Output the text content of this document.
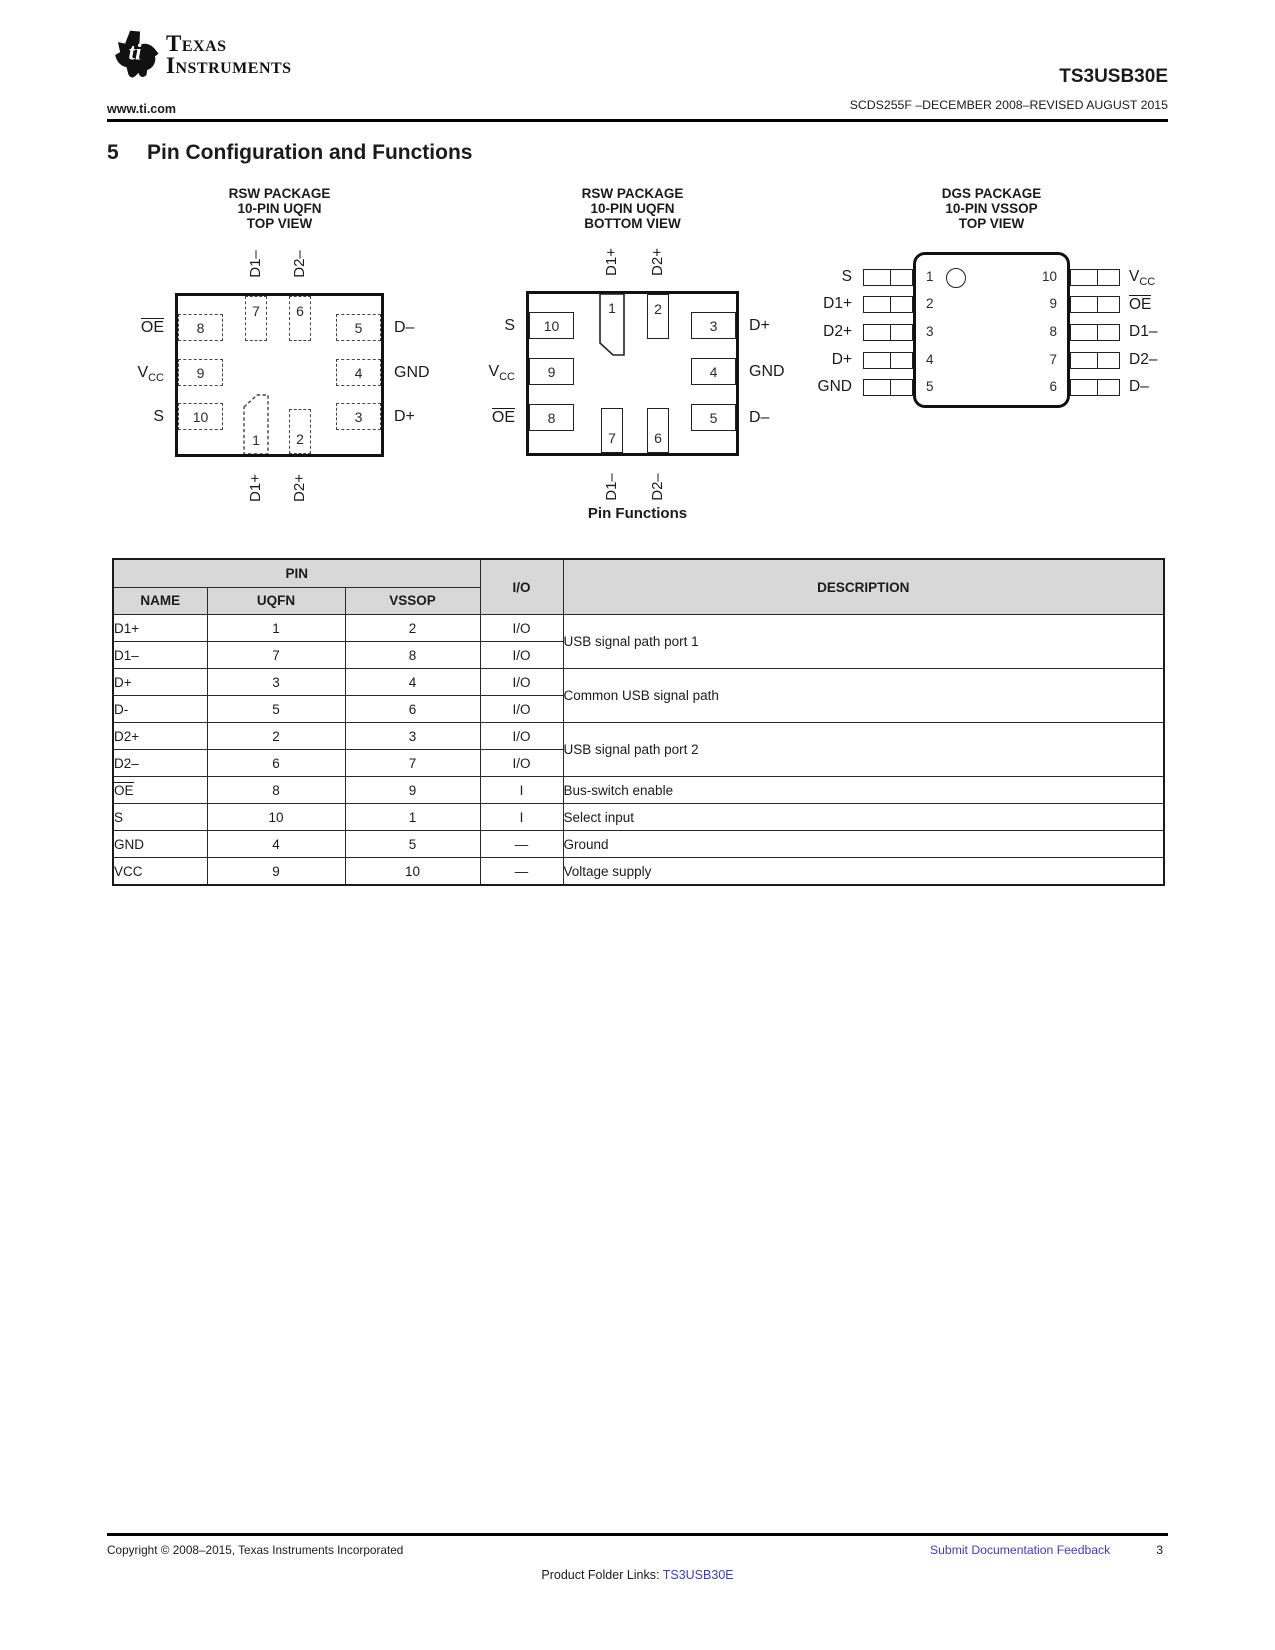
ti Texas
Instruments
www.ti.com
TS3USB30E
SCDS255F –DECEMBER 2008–REVISED AUGUST 2015
5 Pin Configuration and Functions
RSW PACKAGE
10-PIN UQFN
TOP VIEW
8
OE
9
$V_{CC}$
10
S
5	D–
4	GND
3	D+
7
D1–
6
D2–
1
D1+
2
D2+
RSW PACKAGE
10-PIN UQFN
BOTTOM VIEW
10
S
9
$V_{CC}$
8
OE
3	D+
4	GND
5	D–
1
D1+
2
D2+
7
D1–
6
D2–
DGS PACKAGE
10-PIN VSSOP
TOP VIEW
1
S
2
D1+
3
D2+
4
D+
5
GND
10	$V_{CC}$
9	OE
8	D1–
7	D2–
6	D–
Pin Functions
PIN			I/O	DESCRIPTION
NAME	UQFN	VSSOP		
D1+	1	2	I/O	USB signal path port 1
D1–	7	8	I/O	
D+	3	4	I/O	Common USB signal path
D-	5	6	I/O	
D2+	2	3	I/O	USB signal path port 2
D2–	6	7	I/O	
OE	8	9	I	Bus-switch enable
S	10	1	I	Select input
GND	4	5	—	Ground
VCC	9	10	—	Voltage supply
Copyright © 2008–2015, Texas Instruments Incorporated	Submit Documentation Feedback	3
Product Folder Links: TS3USB30E
